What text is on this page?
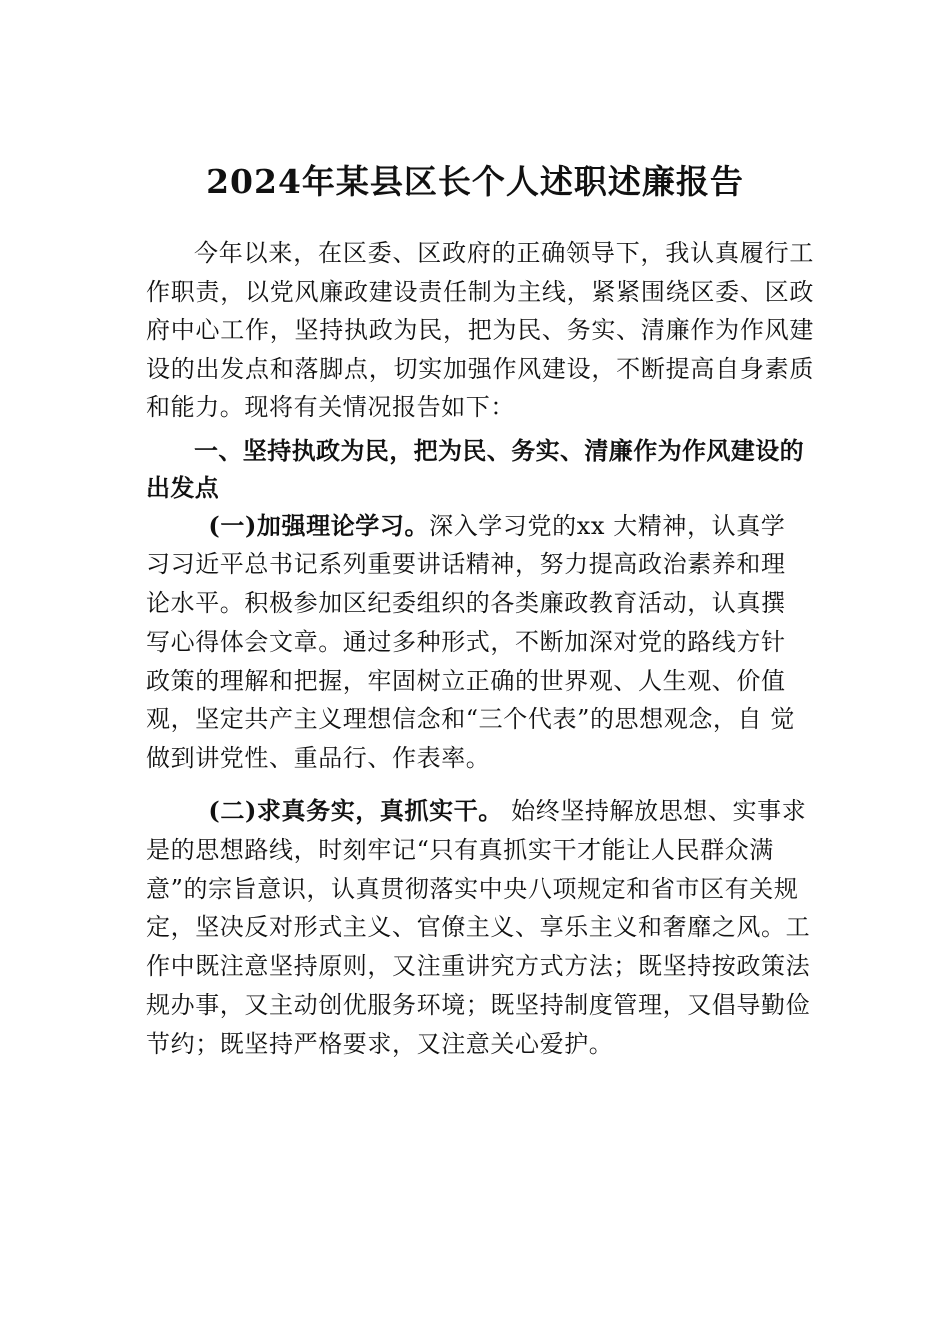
2024年某县区长个人述职述廉报告

今年以来，在区委、区政府的正确领导下，我认真履行工作职责，以党风廉政建设责任制为主线，紧紧围绕区委、区政府中心工作，坚持执政为民，把为民、务实、清廉作为作风建设的出发点和落脚点，切实加强作风建设，不断提高自身素质和能力。现将有关情况报告如下：

一、坚持执政为民，把为民、务实、清廉作为作风建设的出发点

(一)加强理论学习。深入学习党的xx 大精神，认真学 习习近平总书记系列重要讲话精神，努力提高政治素养和理 论水平。积极参加区纪委组织的各类廉政教育活动，认真撰 写心得体会文章。通过多种形式，不断加深对党的路线方针 政策的理解和把握，牢固树立正确的世界观、人生观、价值 观，坚定共产主义理想信念和“三个代表”的思想观念，自 觉做到讲党性、重品行、作表率。

(二)求真务实，真抓实干。 始终坚持解放思想、实事求是的思想路线，时刻牢记“只有真抓实干才能让人民群众满意”的宗旨意识，认真贯彻落实中央八项规定和省市区有关规定，坚决反对形式主义、官僚主义、享乐主义和奢靡之风。工作中既注意坚持原则，又注重讲究方式方法；既坚持按政策法规办事，又主动创优服务环境；既坚持制度管理，又倡导勤俭节约；既坚持严格要求，又注意关心爱护。
